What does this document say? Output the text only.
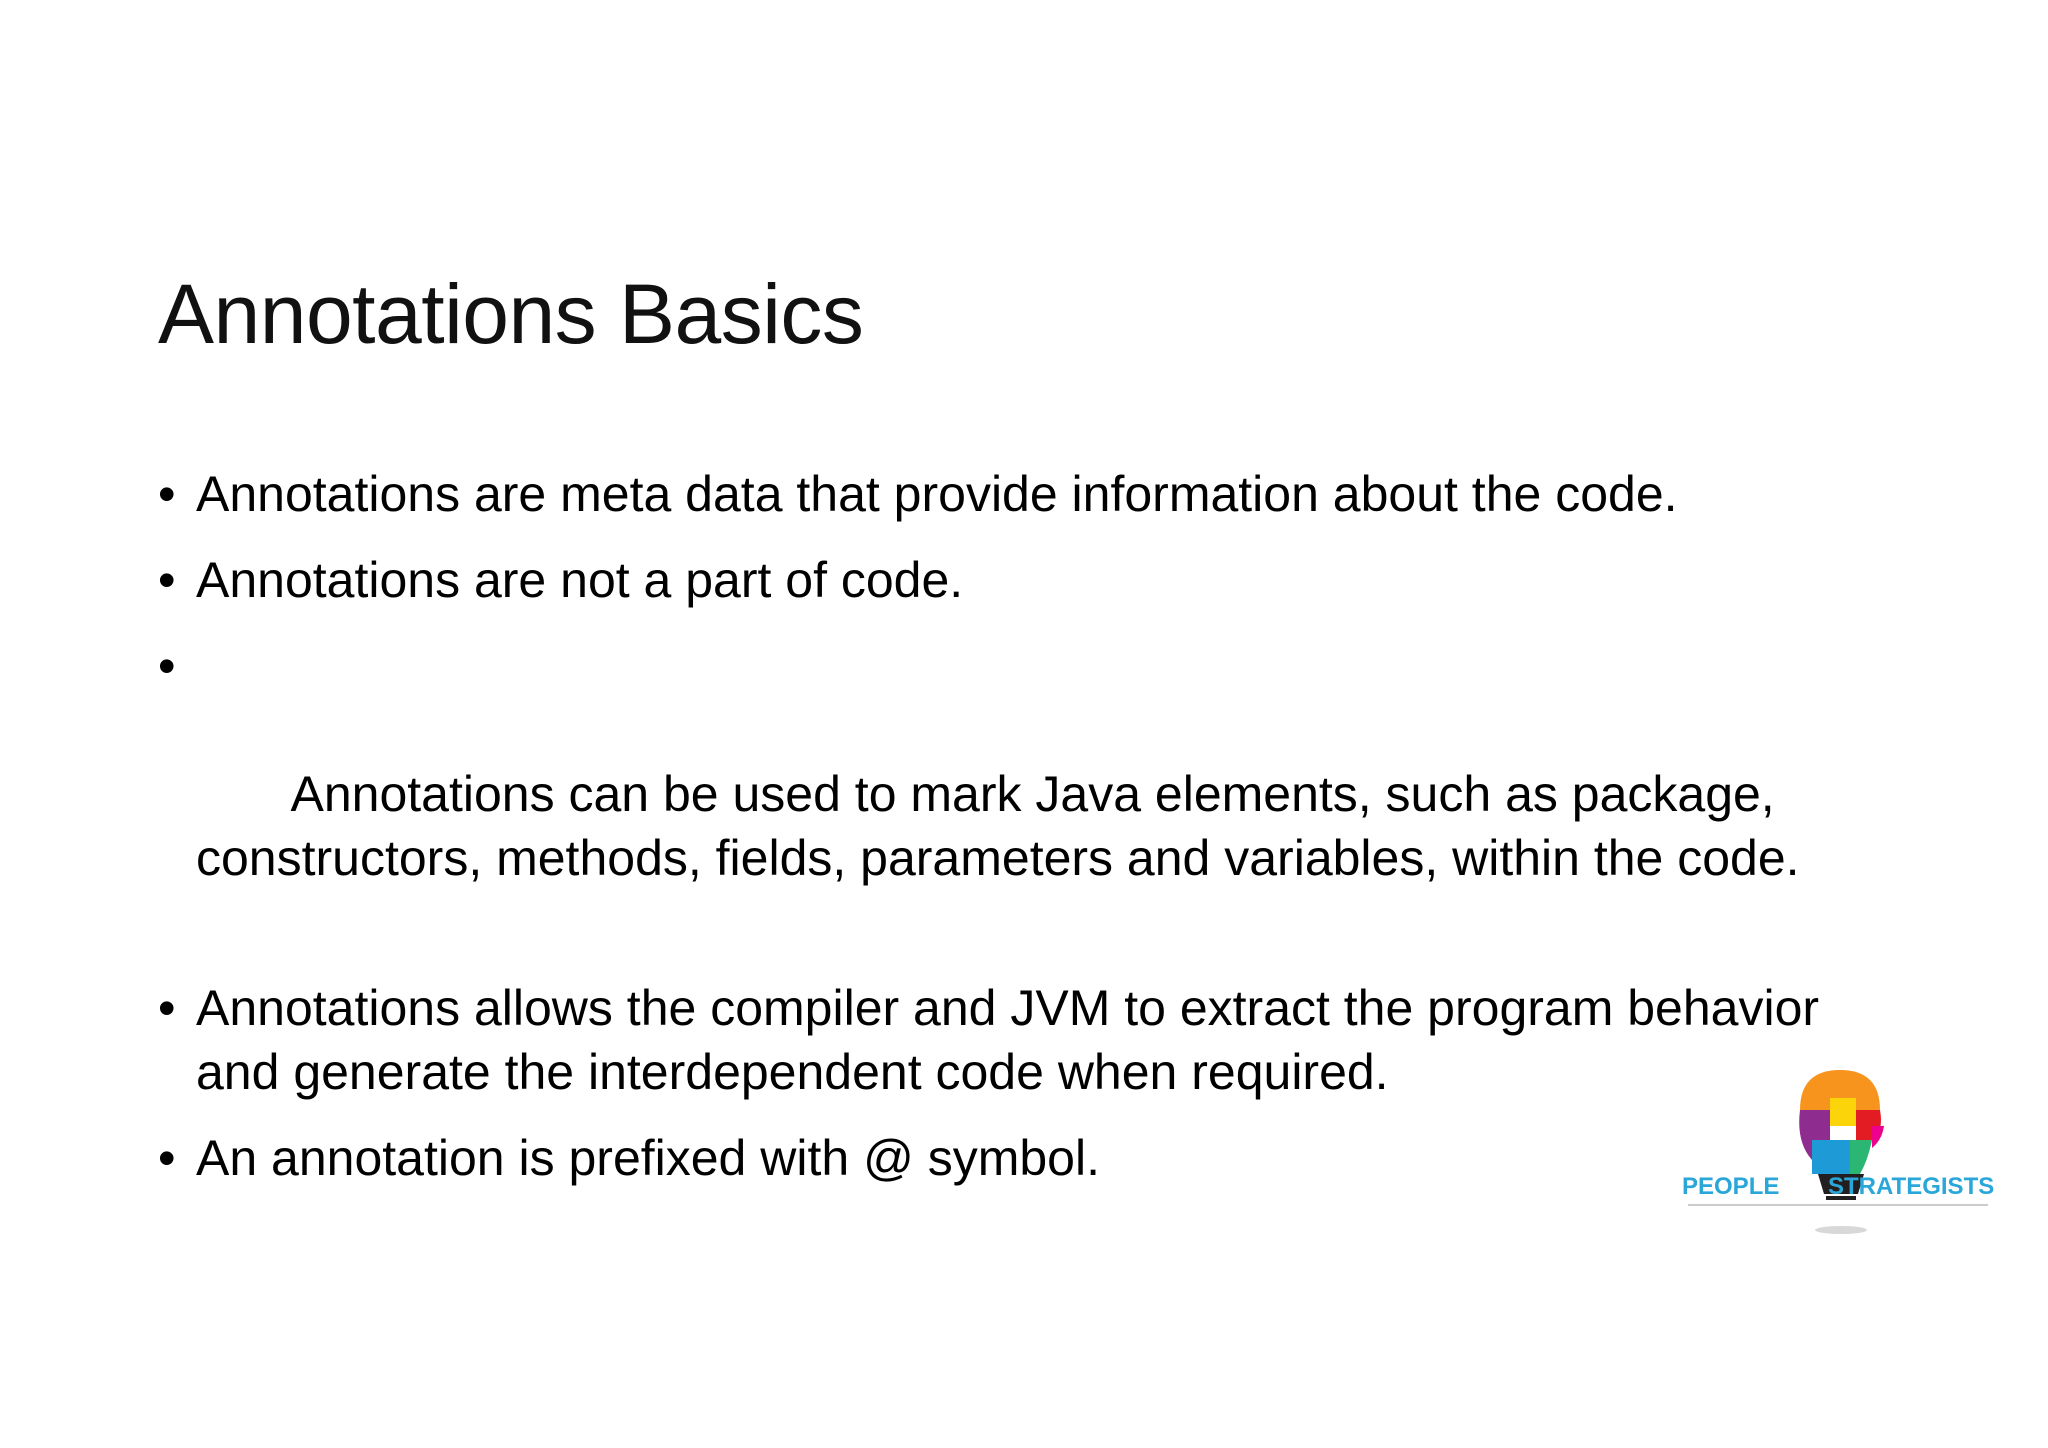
Annotations Basics
• Annotations are meta data that provide information about the code.
• Annotations are not a part of code.

•

Annotations can be used to mark Java elements, such as package, constructors, methods, fields, parameters and variables, within the code.

• Annotations allows the compiler and JVM to extract the program behavior and generate the interdependent code when required.
• An annotation is prefixed with @ symbol.
PEOPLE STRATEGISTS
